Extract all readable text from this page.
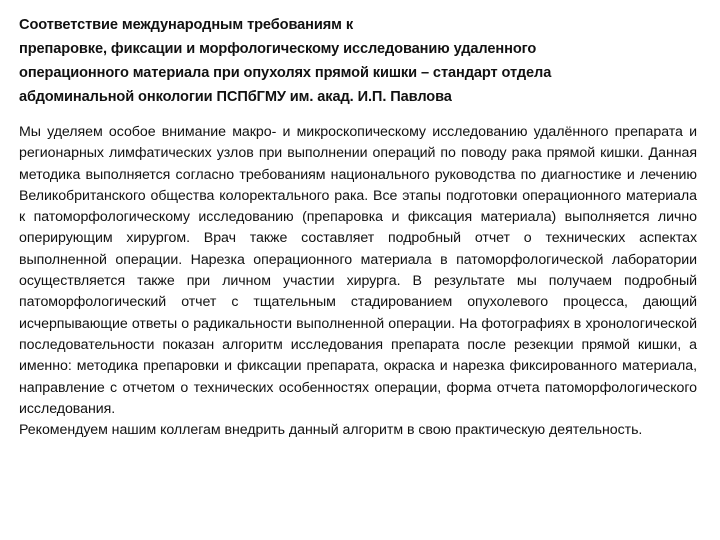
Соответствие международным требованиям к
препаровке, фиксации и морфологическому исследованию удаленного
операционного материала при опухолях прямой кишки – стандарт отдела
абдоминальной онкологии ПСПбГМУ им. акад. И.П. Павлова

Мы уделяем особое внимание макро- и микроскопическому исследованию удалённого препарата и регионарных лимфатических узлов при выполнении операций по поводу рака прямой кишки. Данная методика выполняется согласно требованиям национального руководства по диагностике и лечению Великобританского общества колоректального рака. Все этапы подготовки операционного материала к патоморфологическому исследованию (препаровка и фиксация материала) выполняется лично оперирующим хирургом. Врач также составляет подробный отчет о технических аспектах выполненной операции. Нарезка операционного материала в патоморфологической лаборатории осуществляется также при личном участии хирурга. В результате мы получаем подробный патоморфологический отчет с тщательным стадированием опухолевого процесса, дающий исчерпывающие ответы о радикальности выполненной операции. На фотографиях в хронологической последовательности показан алгоритм исследования препарата после резекции прямой кишки, а именно: методика препаровки и фиксации препарата, окраска и нарезка фиксированного материала, направление с отчетом о технических особенностях операции, форма отчета патоморфологического исследования.
Рекомендуем нашим коллегам внедрить данный алгоритм в свою практическую деятельность.
